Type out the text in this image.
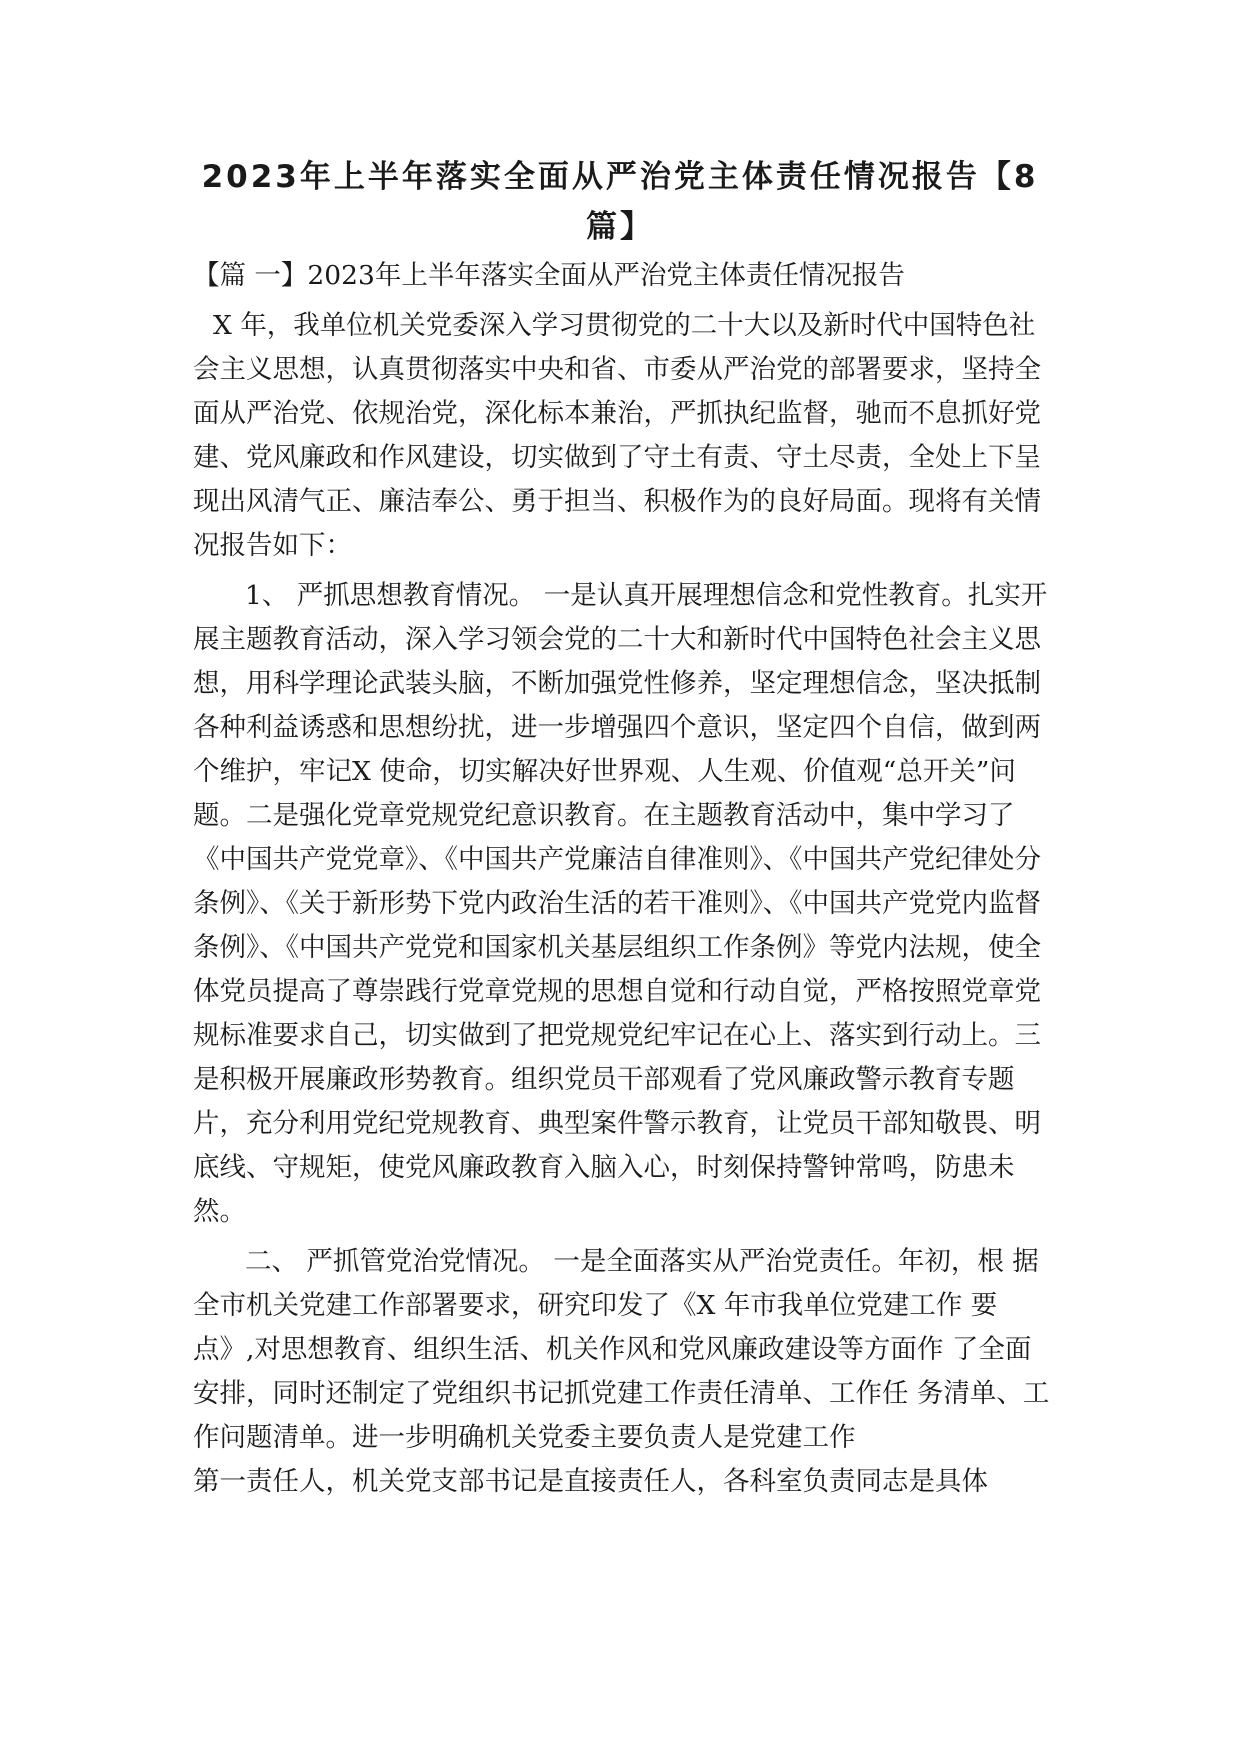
2023年上半年落实全面从严治党主体责任情况报告【8篇】

【篇 一】2023年上半年落实全面从严治党主体责任情况报告

X 年，我单位机关党委深入学习贯彻党的二十大以及新时代中国特色社会主义思想，认真贯彻落实中央和省、市委从严治党的部署要求，坚持全面从严治党、依规治党，深化标本兼治，严抓执纪监督，驰而不息抓好党建、党风廉政和作风建设，切实做到了守土有责、守土尽责，全处上下呈现出风清气正、廉洁奉公、勇于担当、积极作为的良好局面。现将有关情况报告如下：

1、 严抓思想教育情况。 一是认真开展理想信念和党性教育。扎实开展主题教育活动，深入学习领会党的二十大和新时代中国特色社会主义思想，用科学理论武装头脑，不断加强党性修养，坚定理想信念，坚决抵制各种利益诱惑和思想纷扰，进一步增强四个意识，坚定四个自信，做到两个维护，牢记X 使命，切实解决好世界观、人生观、价值观“总开关”问题。二是强化党章党规党纪意识教育。在主题教育活动中，集中学习了《中国共产党党章》、《中国共产党廉洁自律准则》、《中国共产党纪律处分条例》、《关于新形势下党内政治生活的若干准则》、《中国共产党党内监督条例》、《中国共产党党和国家机关基层组织工作条例》等党内法规，使全体党员提高了尊崇践行党章党规的思想自觉和行动自觉，严格按照党章党规标准要求自己，切实做到了把党规党纪牢记在心上、落实到行动上。三是积极开展廉政形势教育。组织党员干部观看了党风廉政警示教育专题片，充分利用党纪党规教育、典型案件警示教育，让党员干部知敬畏、明底线、守规矩，使党风廉政教育入脑入心，时刻保持警钟常鸣，防患未然。

二、 严抓管党治党情况。 一是全面落实从严治党责任。年初，根 据全市机关党建工作部署要求，研究印发了《X 年市我单位党建工作 要点》,对思想教育、组织生活、机关作风和党风廉政建设等方面作 了全面安排，同时还制定了党组织书记抓党建工作责任清单、工作任 务清单、工作问题清单。进一步明确机关党委主要负责人是党建工作

第一责任人，机关党支部书记是直接责任人，各科室负责同志是具体
